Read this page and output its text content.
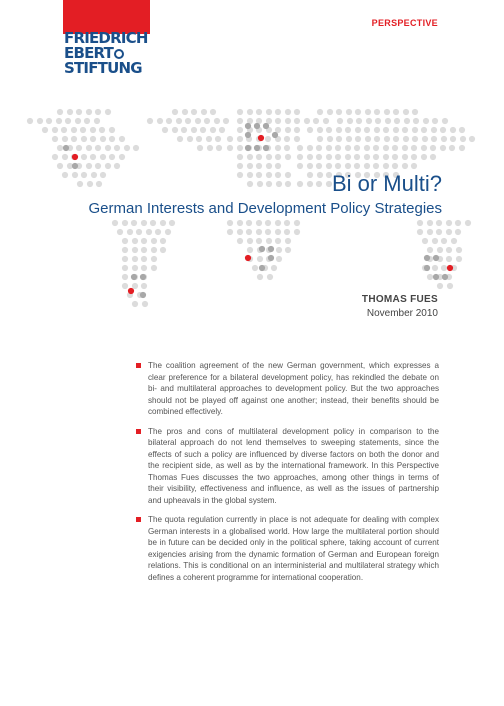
FRIEDRICH
EBERT
STIFTUNG
PERSPECTIVE
Bi or Multi?
German Interests and Development Policy Strategies
THOMAS FUES
November 2010
The coalition agreement of the new German government, which expresses a clear preference for a bilateral development policy, has rekindled the debate on bi- and multilateral approaches to development policy. But the two approaches should not be played off against one another; instead, their benefits should be combined effectively.
The pros and cons of multilateral development policy in comparison to the bilateral approach do not lend themselves to sweeping statements, since the effects of such a policy are influenced by diverse factors on both the donor and the recipient side, as well as by the international framework. In this Perspective Thomas Fues discusses the two approaches, among other things in terms of their visibility, effectiveness and influence, as well as the issues of partnership and upheavals in the global system.
The quota regulation currently in place is not adequate for dealing with complex German interests in a globalised world. How large the multilateral portion should be in future can be decided only in the political sphere, taking account of current exigencies arising from the dynamic formation of German and European foreign relations. This is conditional on an interministerial and multilateral strategy which defines a coherent programme for international cooperation.
